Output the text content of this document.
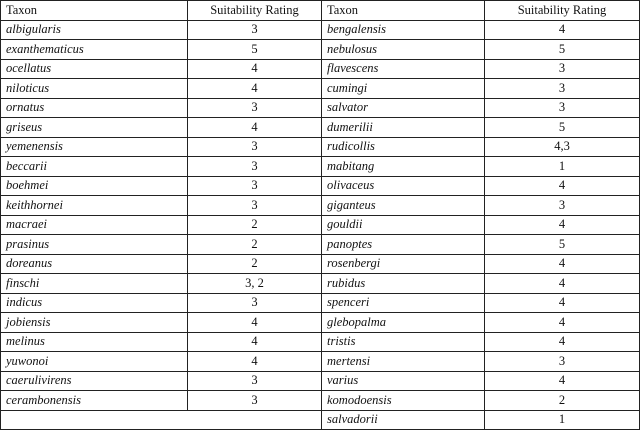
Taxon	Suitability Rating	Taxon	Suitability Rating
albigularis	3	bengalensis	4
exanthematicus	5	nebulosus	5
ocellatus	4	flavescens	3
niloticus	4	cumingi	3
ornatus	3	salvator	3
griseus	4	dumerilii	5
yemenensis	3	rudicollis	4,3
beccarii	3	mabitang	1
boehmei	3	olivaceus	4
keithhornei	3	giganteus	3
macraei	2	gouldii	4
prasinus	2	panoptes	5
doreanus	2	rosenbergi	4
finschi	3, 2	rubidus	4
indicus	3	spenceri	4
jobiensis	4	glebopalma	4
melinus	4	tristis	4
yuwonoi	4	mertensi	3
caerulivirens	3	varius	4
cerambonensis	3	komodoensis	2
		salvadorii	1
